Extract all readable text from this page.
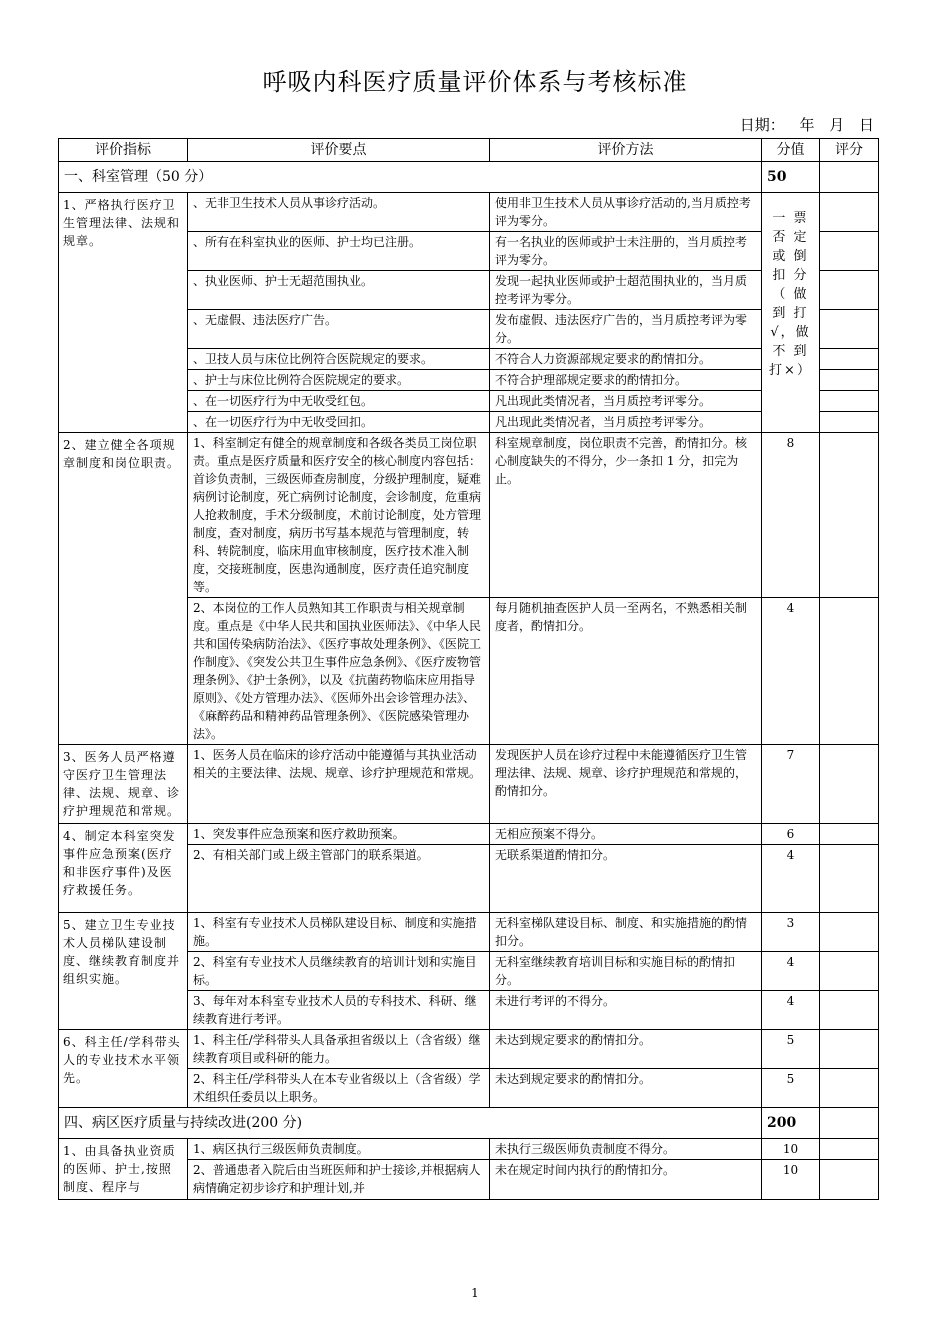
呼吸内科医疗质量评价体系与考核标准
日期： 年 月 日
评价指标	评价要点	评价方法	分值	评分
一、科室管理（50 分）			50	
1、严格执行医疗卫生管理法律、法规和规章。	、无非卫生技术人员从事诊疗活动。	使用非卫生技术人员从事诊疗活动的,当月质控考评为零分。	一 票 否 定 或 倒 扣 分 （ 做 到 打 √，做 不 到 打×）	
	、所有在科室执业的医师、护士均已注册。	有一名执业的医师或护士未注册的，当月质控考评为零分。		
	、执业医师、护士无超范围执业。	发现一起执业医师或护士超范围执业的，当月质控考评为零分。		
	、无虚假、违法医疗广告。	发布虚假、违法医疗广告的，当月质控考评为零分。		
	、卫技人员与床位比例符合医院规定的要求。	不符合人力资源部规定要求的酌情扣分。		
	、护士与床位比例符合医院规定的要求。	不符合护理部规定要求的酌情扣分。		
	、在一切医疗行为中无收受红包。	凡出现此类情况者，当月质控考评零分。		
	、在一切医疗行为中无收受回扣。	凡出现此类情况者，当月质控考评零分。		
2、建立健全各项规章制度和岗位职责。	1、科室制定有健全的规章制度和各级各类员工岗位职责。重点是医疗质量和医疗安全的核心制度内容包括：首诊负责制，三级医师查房制度，分级护理制度，疑难病例讨论制度，死亡病例讨论制度，会诊制度，危重病人抢救制度，手术分级制度，术前讨论制度，处方管理制度，查对制度，病历书写基本规范与管理制度，转科、转院制度，临床用血审核制度，医疗技术准入制度，交接班制度，医患沟通制度，医疗责任追究制度等。	科室规章制度，岗位职责不完善，酌情扣分。核心制度缺失的不得分，少一条扣 1 分，扣完为止。	8	
	2、本岗位的工作人员熟知其工作职责与相关规章制度。重点是《中华人民共和国执业医师法》、《中华人民共和国传染病防治法》、《医疗事故处理条例》、《医院工作制度》、《突发公共卫生事件应急条例》、《医疗废物管理条例》、《护士条例》，以及《抗菌药物临床应用指导原则》、《处方管理办法》、《医师外出会诊管理办法》、《麻醉药品和精神药品管理条例》、《医院感染管理办法》。	每月随机抽查医护人员一至两名，不熟悉相关制度者，酌情扣分。	4	
3、医务人员严格遵守医疗卫生管理法律、法规、规章、诊疗护理规范和常规。	1、医务人员在临床的诊疗活动中能遵循与其执业活动相关的主要法律、法规、规章、诊疗护理规范和常规。	发现医护人员在诊疗过程中未能遵循医疗卫生管理法律、法规、规章、诊疗护理规范和常规的，酌情扣分。	7	
4、制定本科室突发事件应急预案(医疗和非医疗事件)及医疗救援任务。	1、突发事件应急预案和医疗救助预案。	无相应预案不得分。	6	
	2、有相关部门或上级主管部门的联系渠道。	无联系渠道酌情扣分。	4	
5、建立卫生专业技术人员梯队建设制度、继续教育制度并组织实施。	1、科室有专业技术人员梯队建设目标、制度和实施措施。	无科室梯队建设目标、制度、和实施措施的酌情扣分。	3	
	2、科室有专业技术人员继续教育的培训计划和实施目标。	无科室继续教育培训目标和实施目标的酌情扣分。	4	
	3、每年对本科室专业技术人员的专科技术、科研、继续教育进行考评。	未进行考评的不得分。	4	
6、科主任/学科带头人的专业技术水平领先。	1、科主任/学科带头人具备承担省级以上（含省级）继续教育项目或科研的能力。	未达到规定要求的酌情扣分。	5	
	2、科主任/学科带头人在本专业省级以上（含省级）学术组织任委员以上职务。	未达到规定要求的酌情扣分。	5	
四、病区医疗质量与持续改进(200 分)			200	
1、由具备执业资质的医师、护士,按照制度、程序与	1、病区执行三级医师负责制度。	未执行三级医师负责制度不得分。	10	
	2、普通患者入院后由当班医师和护士接诊,并根据病人病情确定初步诊疗和护理计划,并	未在规定时间内执行的酌情扣分。	10	
1
